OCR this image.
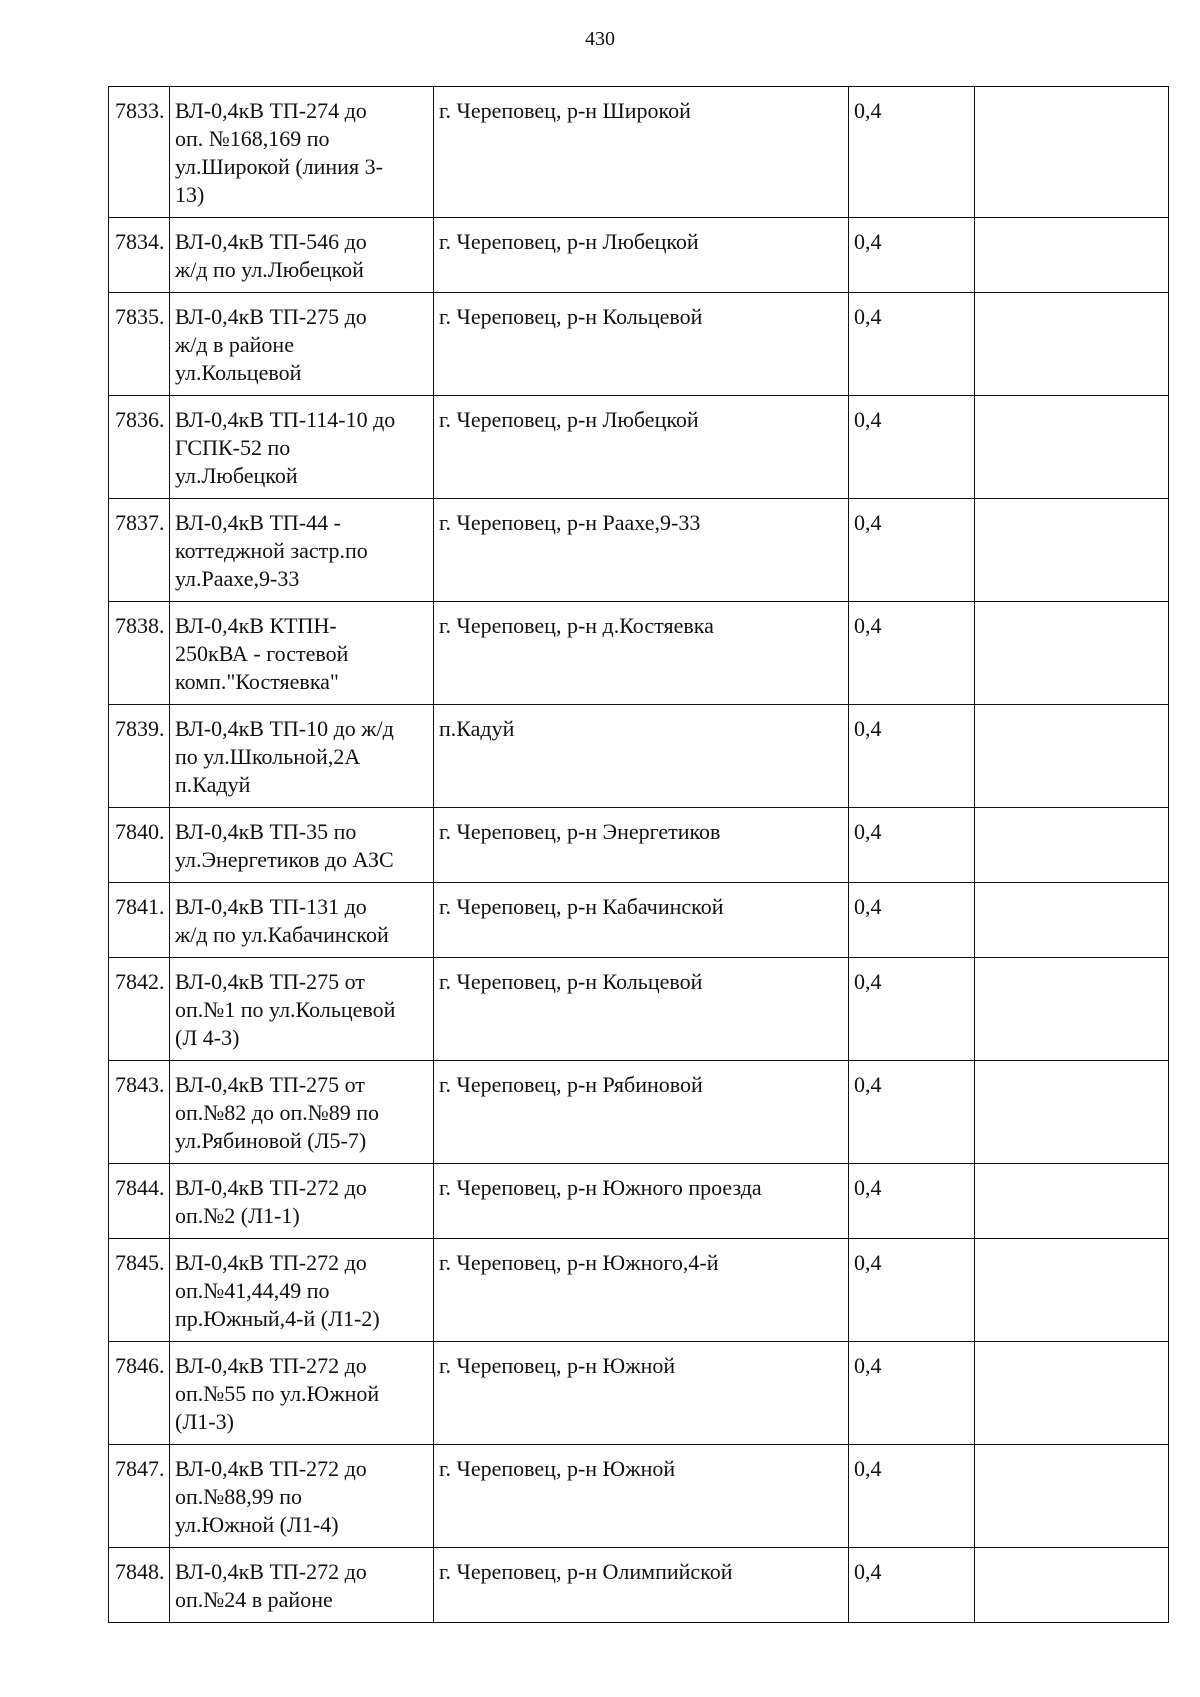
430
7833.	ВЛ-0,4кВ ТП-274 до
оп. №168,169 по
ул.Широкой (линия 3-
13)	г. Череповец, р-н Широкой	0,4	
7834.	ВЛ-0,4кВ ТП-546 до
ж/д по ул.Любецкой	г. Череповец, р-н Любецкой	0,4	
7835.	ВЛ-0,4кВ ТП-275 до
ж/д в районе
ул.Кольцевой	г. Череповец, р-н Кольцевой	0,4	
7836.	ВЛ-0,4кВ ТП-114-10 до
ГСПК-52 по
ул.Любецкой	г. Череповец, р-н Любецкой	0,4	
7837.	ВЛ-0,4кВ ТП-44 -
коттеджной застр.по
ул.Раахе,9-33	г. Череповец, р-н Раахе,9-33	0,4	
7838.	ВЛ-0,4кВ КТПН-
250кВА - гостевой
комп."Костяевка"	г. Череповец, р-н д.Костяевка	0,4	
7839.	ВЛ-0,4кВ ТП-10 до ж/д
по ул.Школьной,2А
п.Кадуй	п.Кадуй	0,4	
7840.	ВЛ-0,4кВ ТП-35 по
ул.Энергетиков до АЗС	г. Череповец, р-н Энергетиков	0,4	
7841.	ВЛ-0,4кВ ТП-131 до
ж/д по ул.Кабачинской	г. Череповец, р-н Кабачинской	0,4	
7842.	ВЛ-0,4кВ ТП-275 от
оп.№1 по ул.Кольцевой
(Л 4-3)	г. Череповец, р-н Кольцевой	0,4	
7843.	ВЛ-0,4кВ ТП-275 от
оп.№82 до оп.№89 по
ул.Рябиновой (Л5-7)	г. Череповец, р-н Рябиновой	0,4	
7844.	ВЛ-0,4кВ ТП-272 до
оп.№2 (Л1-1)	г. Череповец, р-н Южного проезда	0,4	
7845.	ВЛ-0,4кВ ТП-272 до
оп.№41,44,49 по
пр.Южный,4-й (Л1-2)	г. Череповец, р-н Южного,4-й	0,4	
7846.	ВЛ-0,4кВ ТП-272 до
оп.№55 по ул.Южной
(Л1-3)	г. Череповец, р-н Южной	0,4	
7847.	ВЛ-0,4кВ ТП-272 до
оп.№88,99 по
ул.Южной (Л1-4)	г. Череповец, р-н Южной	0,4	
7848.	ВЛ-0,4кВ ТП-272 до
оп.№24 в районе	г. Череповец, р-н Олимпийской	0,4	
